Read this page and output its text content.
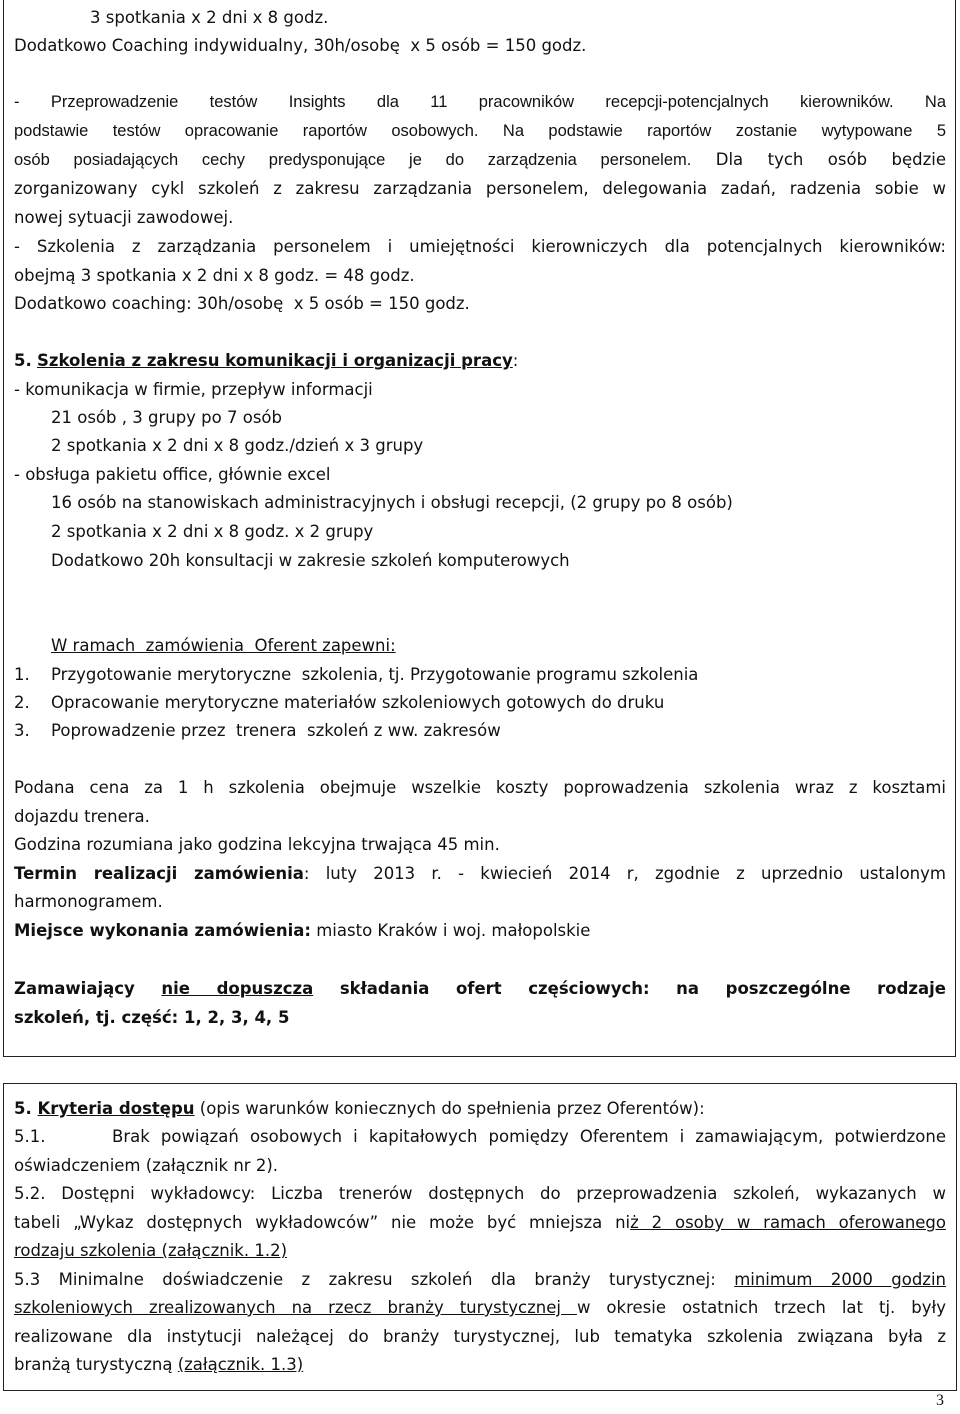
3 spotkania x 2 dni x 8 godz.
Dodatkowo Coaching indywidualny, 30h/osobę  x 5 osób = 150 godz.
- Przeprowadzenie testów Insights dla 11 pracowników recepcji-potencjalnych kierowników. Na
podstawie testów opracowanie raportów osobowych. Na podstawie raportów zostanie wytypowane 5
osób posiadających cechy predysponujące je do zarządzenia personelem. Dla tych osób będzie
zorganizowany cykl szkoleń z zakresu zarządzania personelem, delegowania zadań, radzenia sobie w
nowej sytuacji zawodowej.
- Szkolenia z zarządzania personelem i umiejętności kierowniczych dla potencjalnych kierowników:
obejmą 3 spotkania x 2 dni x 8 godz. = 48 godz.
Dodatkowo coaching: 30h/osobę  x 5 osób = 150 godz.
5. Szkolenia z zakresu komunikacji i organizacji pracy:
- komunikacja w firmie, przepływ informacji
21 osób , 3 grupy po 7 osób
2 spotkania x 2 dni x 8 godz./dzień x 3 grupy
- obsługa pakietu office, głównie excel
16 osób na stanowiskach administracyjnych i obsługi recepcji, (2 grupy po 8 osób)
2 spotkania x 2 dni x 8 godz. x 2 grupy
Dodatkowo 20h konsultacji w zakresie szkoleń komputerowych
W ramach  zamówienia  Oferent zapewni:
1. Przygotowanie merytoryczne  szkolenia, tj. Przygotowanie programu szkolenia
2. Opracowanie merytoryczne materiałów szkoleniowych gotowych do druku
3. Poprowadzenie przez  trenera  szkoleń z ww. zakresów
Podana cena za 1 h szkolenia obejmuje wszelkie koszty poprowadzenia szkolenia wraz z kosztami
dojazdu trenera.
Godzina rozumiana jako godzina lekcyjna trwająca 45 min.
Termin realizacji zamówienia: luty 2013 r. - kwiecień 2014 r, zgodnie z uprzednio ustalonym
harmonogramem.
Miejsce wykonania zamówienia: miasto Kraków i woj. małopolskie
Zamawiający nie dopuszcza składania ofert częściowych: na poszczególne rodzaje
szkoleń, tj. część: 1, 2, 3, 4, 5
5. Kryteria dostępu (opis warunków koniecznych do spełnienia przez Oferentów):
5.1.	Brak powiązań osobowych i kapitałowych pomiędzy Oferentem i zamawiającym, potwierdzone
oświadczeniem (załącznik nr 2).
5.2. Dostępni wykładowcy: Liczba trenerów dostępnych do przeprowadzenia szkoleń, wykazanych w
tabeli „Wykaz dostępnych wykładowców” nie może być mniejsza niż 2 osoby w ramach oferowanego
rodzaju szkolenia (załącznik. 1.2)
5.3 Minimalne doświadczenie z zakresu szkoleń dla branży turystycznej: minimum 2000 godzin
szkoleniowych zrealizowanych na rzecz branży turystycznej w okresie ostatnich trzech lat tj. były
realizowane dla instytucji należącej do branży turystycznej, lub tematyka szkolenia związana była z
branżą turystyczną (załącznik. 1.3)
3
